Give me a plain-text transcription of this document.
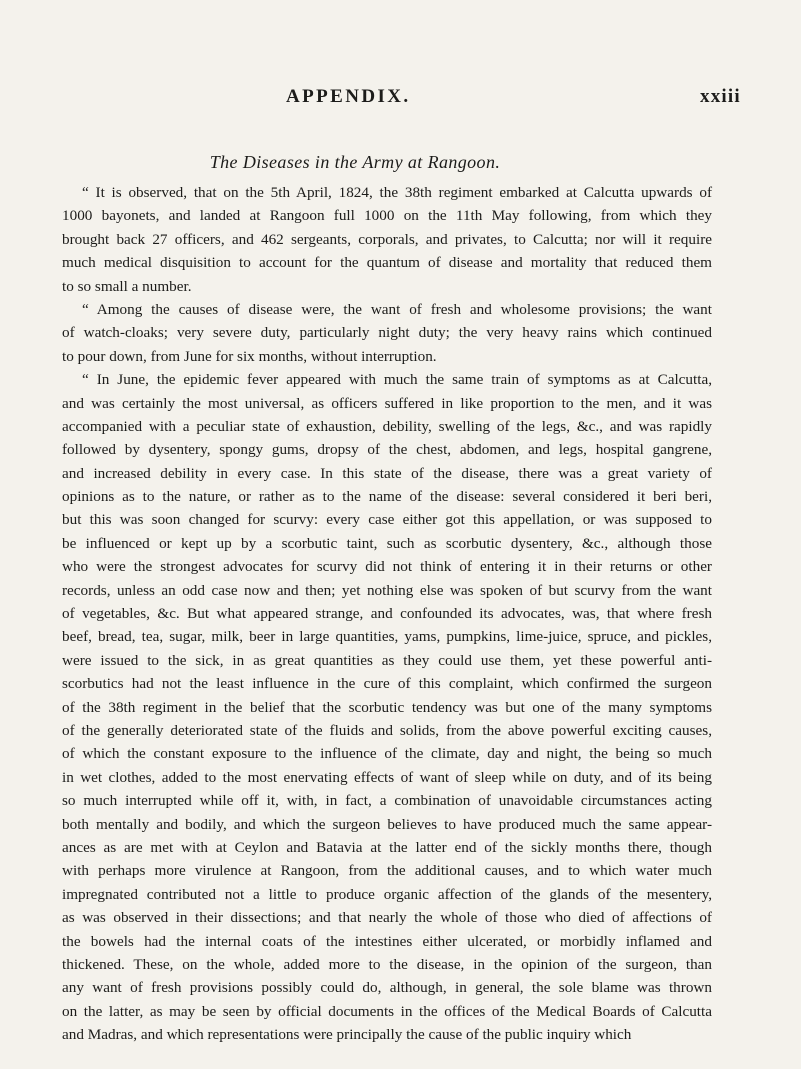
APPENDIX.	xxiii
The Diseases in the Army at Rangoon.
“ It is observed, that on the 5th April, 1824, the 38th regiment embarked at Calcutta upwards of
1000 bayonets, and landed at Rangoon full 1000 on the 11th May following, from which they
brought back 27 officers, and 462 sergeants, corporals, and privates, to Calcutta; nor will it require
much medical disquisition to account for the quantum of disease and mortality that reduced them
to so small a number.
“ Among the causes of disease were, the want of fresh and wholesome provisions; the want
of watch-cloaks; very severe duty, particularly night duty; the very heavy rains which continued
to pour down, from June for six months, without interruption.
“ In June, the epidemic fever appeared with much the same train of symptoms as at Calcutta,
and was certainly the most universal, as officers suffered in like proportion to the men, and it was
accompanied with a peculiar state of exhaustion, debility, swelling of the legs, &c., and was rapidly
followed by dysentery, spongy gums, dropsy of the chest, abdomen, and legs, hospital gangrene,
and increased debility in every case. In this state of the disease, there was a great variety of
opinions as to the nature, or rather as to the name of the disease: several considered it beri beri,
but this was soon changed for scurvy: every case either got this appellation, or was supposed to
be influenced or kept up by a scorbutic taint, such as scorbutic dysentery, &c., although those
who were the strongest advocates for scurvy did not think of entering it in their returns or other
records, unless an odd case now and then; yet nothing else was spoken of but scurvy from the want
of vegetables, &c. But what appeared strange, and confounded its advocates, was, that where fresh
beef, bread, tea, sugar, milk, beer in large quantities, yams, pumpkins, lime-juice, spruce, and pickles,
were issued to the sick, in as great quantities as they could use them, yet these powerful anti-
scorbutics had not the least influence in the cure of this complaint, which confirmed the surgeon
of the 38th regiment in the belief that the scorbutic tendency was but one of the many symptoms
of the generally deteriorated state of the fluids and solids, from the above powerful exciting causes,
of which the constant exposure to the influence of the climate, day and night, the being so much
in wet clothes, added to the most enervating effects of want of sleep while on duty, and of its being
so much interrupted while off it, with, in fact, a combination of unavoidable circumstances acting
both mentally and bodily, and which the surgeon believes to have produced much the same appear-
ances as are met with at Ceylon and Batavia at the latter end of the sickly months there, though
with perhaps more virulence at Rangoon, from the additional causes, and to which water much
impregnated contributed not a little to produce organic affection of the glands of the mesentery,
as was observed in their dissections; and that nearly the whole of those who died of affections of
the bowels had the internal coats of the intestines either ulcerated, or morbidly inflamed and
thickened. These, on the whole, added more to the disease, in the opinion of the surgeon, than
any want of fresh provisions possibly could do, although, in general, the sole blame was thrown
on the latter, as may be seen by official documents in the offices of the Medical Boards of Calcutta
and Madras, and which representations were principally the cause of the public inquiry which
